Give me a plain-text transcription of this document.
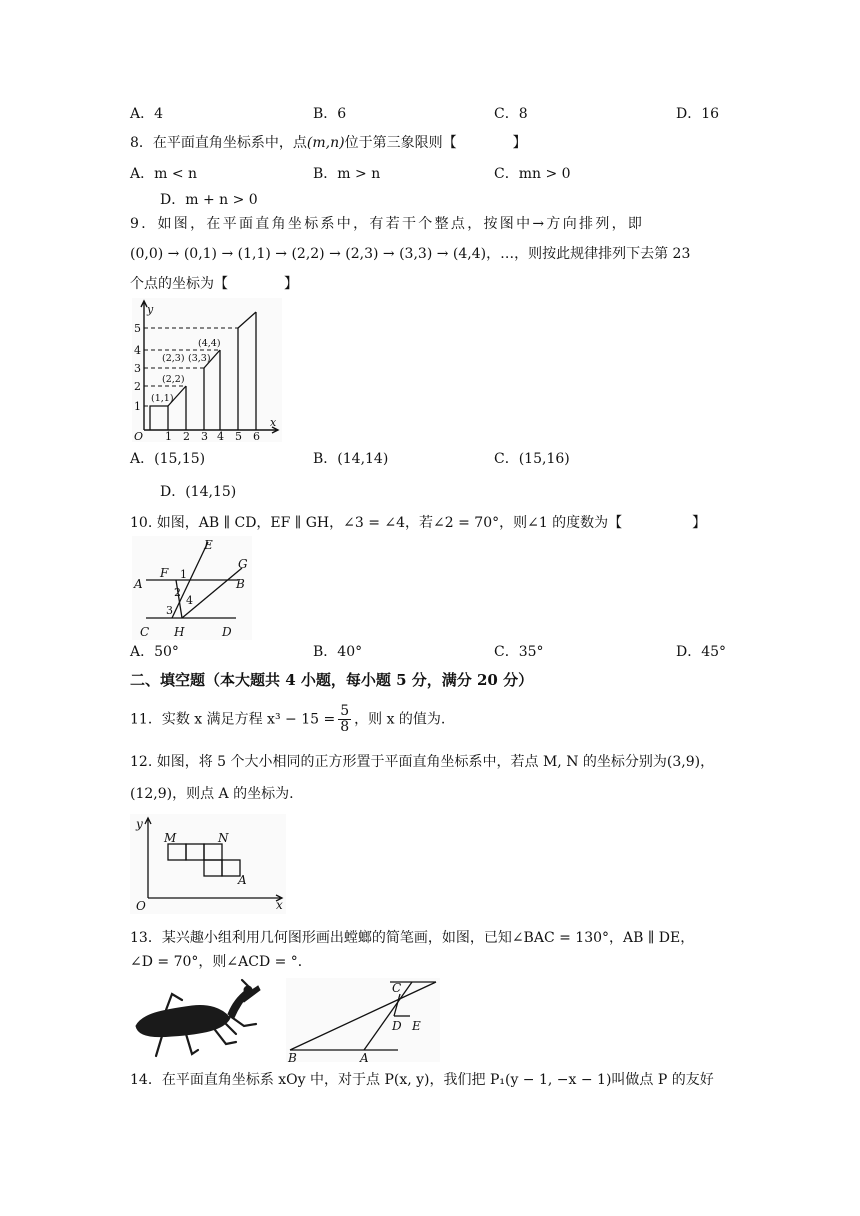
A．4	B．6	C．8	D．16
8．在平面直角坐标系中，点(m,n)位于第三象限则【　　　　】
A．m < n	B．m > n	C．mn > 0
D．m + n > 0
9．如图，在平面直角坐标系中，有若干个整点，按图中→方向排列，即
(0,0) → (0,1) → (1,1) → (2,2) → (2,3) → (3,3) → (4,4)，…，则按此规律排列下去第 23
个点的坐标为【　　　　】
y
x
O 1 2 3 4 5 6
1
2
3
4
5
(1,1)
(2,2)
(2,3) (3,3)
(4,4)
A．(15,15)	B．(14,14)	C．(15,16)
D．(14,15)
10. 如图，AB ∥ CD，EF ∥ GH，∠3 = ∠4，若∠2 = 70°，则∠1 的度数为【　　　　　】
E
G
F
A	B
C H	D
1
2
4
3
A．50°	B．40°	C．35°	D．45°
二、填空题（本大题共 4 小题，每小题 5 分，满分 20 分）
11．实数 x 满足方程 $x^3 - 15 = \frac{5}{8}$ ，则 x 的值为.
12. 如图，将 5 个大小相同的正方形置于平面直角坐标系中，若点 M, N 的坐标分别为(3,9)，
(12,9)，则点 A 的坐标为.
y
x
O
M	N
A
13．某兴趣小组利用几何图形画出螳螂的简笔画，如图，已知∠BAC = 130°，AB ∥ DE，
∠D = 70°，则∠ACD = °．
C
D E
B	A
14．在平面直角坐标系 xOy 中，对于点 P(x, y)，我们把 P₁(y − 1, −x − 1)叫做点 P 的友好
